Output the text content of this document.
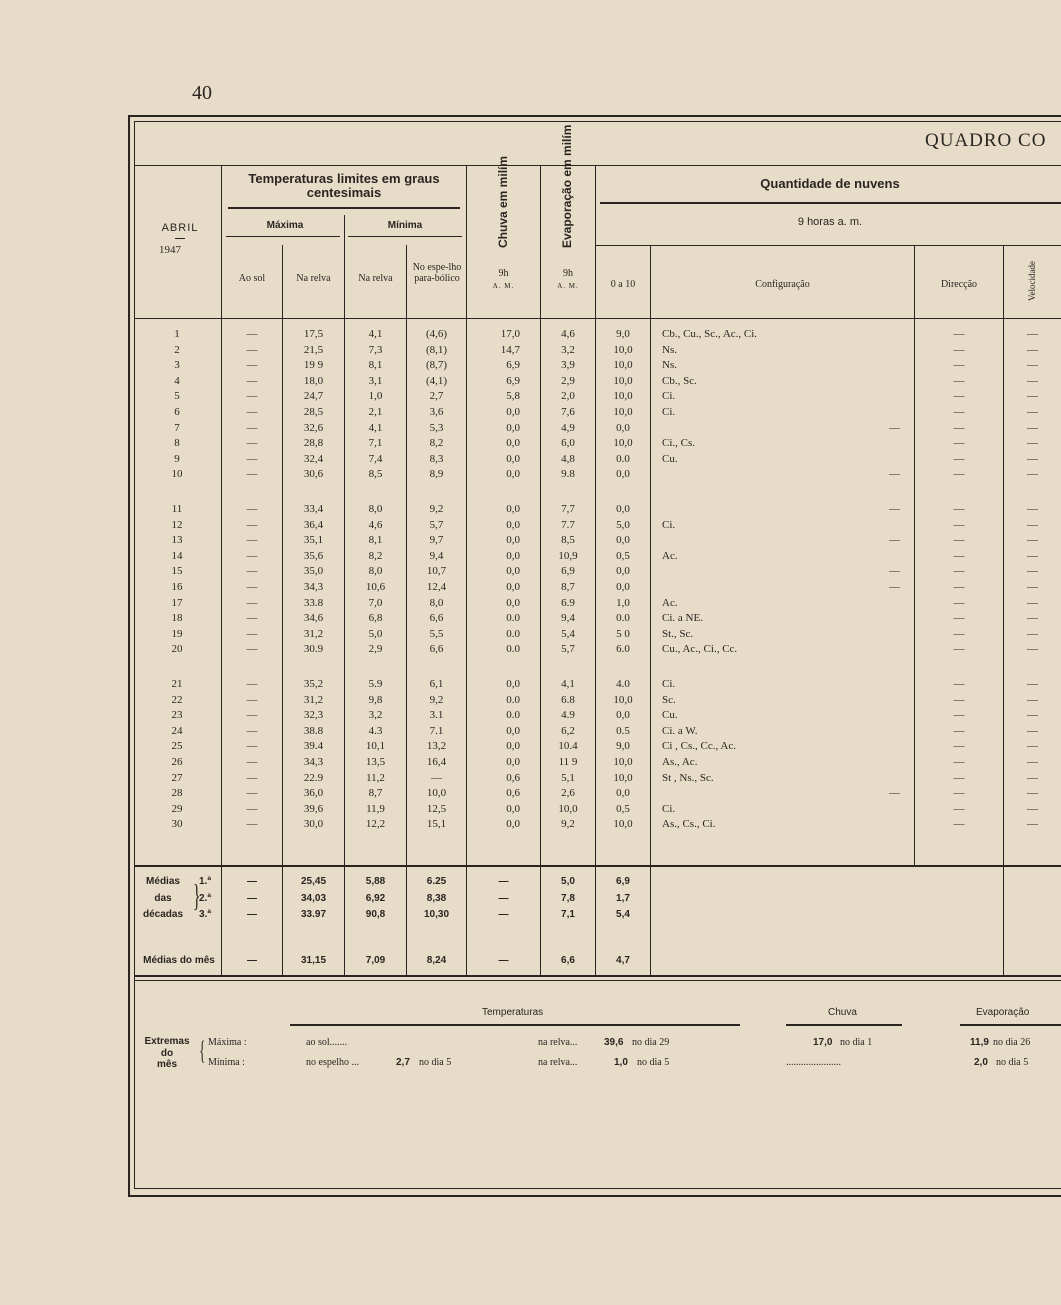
40
QUADRO CO
ABRIL
1947
Temperaturas limites em graus centesimais
Máxima	Mínima
Ao sol	Na relva	Na relva
No espe-lho para-bólico
Chuva em milím	Evaporação em milím
9h
A. M.
9h
A. M.
Quantidade de nuvens
9 horas a. m.
0 a 10	Configuração	Direcção	Velocidade
1	—	17,5	4,1	(4,6)	17,0	4,6	9,0	Cb., Cu., Sc., Ac., Ci.	—	—
2	—	21,5	7,3	(8,1)	14,7	3,2	10,0	Ns.	—	—
3	—	19 9	8,1	(8,7)	6,9	3,9	10,0	Ns.	—	—
4	—	18,0	3,1	(4,1)	6,9	2,9	10,0	Cb., Sc.	—	—
5	—	24,7	1,0	2,7	5,8	2,0	10,0	Ci.	—	—
6	—	28,5	2,1	3,6	0,0	7,6	10,0	Ci.	—	—
7	—	32,6	4,1	5,3	0,0	4,9	0,0	—	—	—
8	—	28,8	7,1	8,2	0,0	6,0	10,0	Ci., Cs.	—	—
9	—	32,4	7,4	8,3	0,0	4,8	0.0	Cu.	—	—
10	—	30,6	8,5	8,9	0,0	9.8	0,0	—	—	—
11	—	33,4	8,0	9,2	0,0	7,7	0,0	—	—	—
12	—	36,4	4,6	5,7	0,0	7.7	5,0	Ci.	—	—
13	—	35,1	8,1	9,7	0,0	8,5	0,0	—	—	—
14	—	35,6	8,2	9,4	0,0	10,9	0,5	Ac.	—	—
15	—	35,0	8,0	10,7	0,0	6,9	0,0	—	—	—
16	—	34,3	10,6	12,4	0,0	8,7	0,0	—	—	—
17	—	33.8	7,0	8,0	0,0	6.9	1,0	Ac.	—	—
18	—	34,6	6,8	6,6	0.0	9,4	0.0	Ci. a NE.	—	—
19	—	31,2	5,0	5,5	0.0	5,4	5 0	St., Sc.	—	—
20	—	30.9	2,9	6,6	0.0	5,7	6.0	Cu., Ac., Ci., Cc.	—	—
21	—	35,2	5.9	6,1	0,0	4,1	4.0	Ci.	—	—
22	—	31,2	9,8	9,2	0.0	6.8	10,0	Sc.	—	—
23	—	32,3	3,2	3.1	0.0	4.9	0,0	Cu.	—	—
24	—	38.8	4.3	7.1	0,0	6,2	0.5	Ci. a W.	—	—
25	—	39.4	10,1	13,2	0,0	10.4	9,0	Ci , Cs., Cc., Ac.	—	—
26	—	34,3	13,5	16,4	0,0	11 9	10,0	As., Ac.	—	—
27	—	22.9	11,2	—	0,6	5,1	10,0	St , Ns., Sc.	—	—
28	—	36,0	8,7	10,0	0,6	2,6	0,0	—	—	—
29	—	39,6	11,9	12,5	0,0	10,0	0,5	Ci.	—	—
30	—	30,0	12,2	15,1	0,0	9,2	10,0	As., Cs., Ci.	—	—
Médias
das
décadas
}
1.ª	—	25,45	5,88	6.25	—	5,0	6,9
2.ª	—	34,03	6,92	8,38	—	7,8	1,7
3.ª	—	33.97	90,8	10,30	—	7,1	5,4
Médias do mês	—	31,15	7,09	8,24	—	6,6	4,7
Temperaturas	Chuva	Evaporação
Extremas
do
mês { Máxima :
Mínima :
ao sol.......	na relva...	39,6 no dia 29	17,0 no dia 1	11,9 no dia 26
no espelho ...	2,7 no dia 5	na relva...	1,0 no dia 5	......................	2,0 no dia 5
